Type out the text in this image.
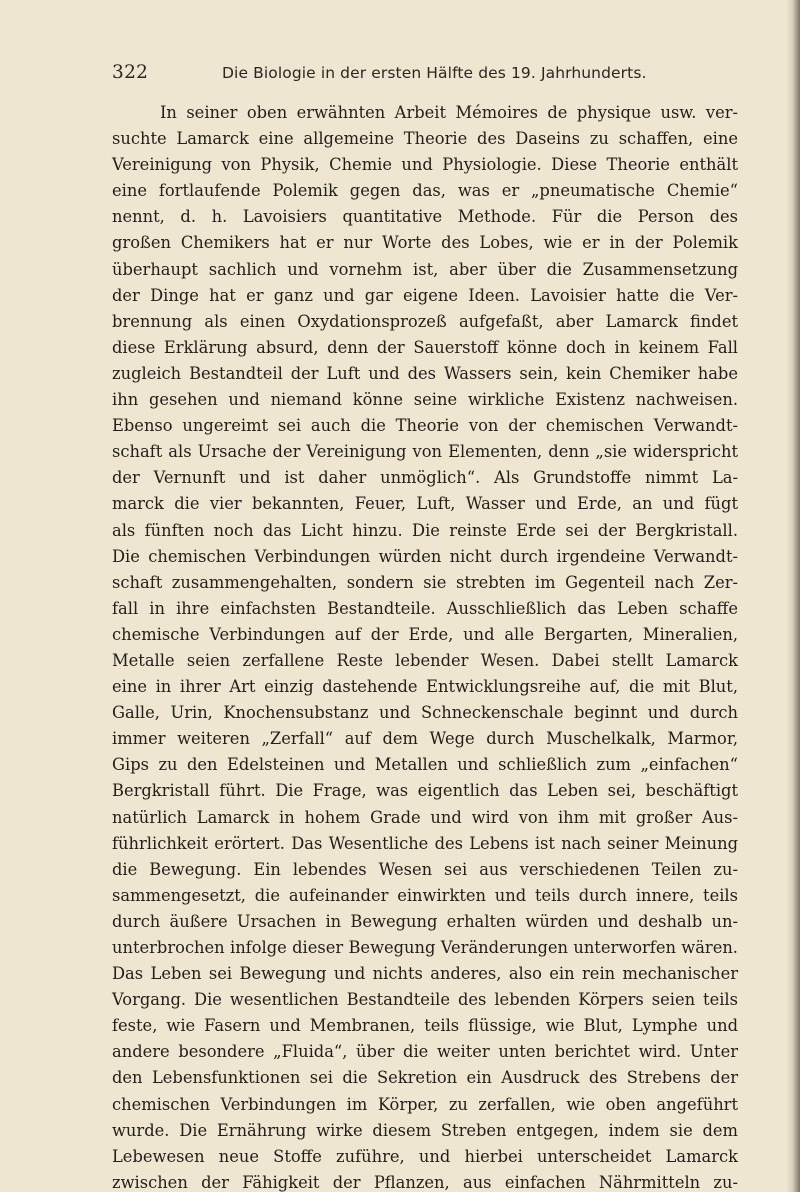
322	Die Biologie in der ersten Hälfte des 19. Jahrhunderts.
In seiner oben erwähnten Arbeit Mémoires de physique usw. ver-
suchte Lamarck eine allgemeine Theorie des Daseins zu schaffen, eine
Vereinigung von Physik, Chemie und Physiologie. Diese Theorie enthält
eine fortlaufende Polemik gegen das, was er „pneumatische Chemie“
nennt, d. h. Lavoisiers quantitative Methode. Für die Person des
großen Chemikers hat er nur Worte des Lobes, wie er in der Polemik
überhaupt sachlich und vornehm ist, aber über die Zusammensetzung
der Dinge hat er ganz und gar eigene Ideen. Lavoisier hatte die Ver-
brennung als einen Oxydationsprozeß aufgefaßt, aber Lamarck findet
diese Erklärung absurd, denn der Sauerstoff könne doch in keinem Fall
zugleich Bestandteil der Luft und des Wassers sein, kein Chemiker habe
ihn gesehen und niemand könne seine wirkliche Existenz nachweisen.
Ebenso ungereimt sei auch die Theorie von der chemischen Verwandt-
schaft als Ursache der Vereinigung von Elementen, denn „sie widerspricht
der Vernunft und ist daher unmöglich“. Als Grundstoffe nimmt La-
marck die vier bekannten, Feuer, Luft, Wasser und Erde, an und fügt
als fünften noch das Licht hinzu. Die reinste Erde sei der Bergkristall.
Die chemischen Verbindungen würden nicht durch irgendeine Verwandt-
schaft zusammengehalten, sondern sie strebten im Gegenteil nach Zer-
fall in ihre einfachsten Bestandteile. Ausschließlich das Leben schaffe
chemische Verbindungen auf der Erde, und alle Bergarten, Mineralien,
Metalle seien zerfallene Reste lebender Wesen. Dabei stellt Lamarck
eine in ihrer Art einzig dastehende Entwicklungsreihe auf, die mit Blut,
Galle, Urin, Knochensubstanz und Schneckenschale beginnt und durch
immer weiteren „Zerfall“ auf dem Wege durch Muschelkalk, Marmor,
Gips zu den Edelsteinen und Metallen und schließlich zum „einfachen“
Bergkristall führt. Die Frage, was eigentlich das Leben sei, beschäftigt
natürlich Lamarck in hohem Grade und wird von ihm mit großer Aus-
führlichkeit erörtert. Das Wesentliche des Lebens ist nach seiner Meinung
die Bewegung. Ein lebendes Wesen sei aus verschiedenen Teilen zu-
sammengesetzt, die aufeinander einwirkten und teils durch innere, teils
durch äußere Ursachen in Bewegung erhalten würden und deshalb un-
unterbrochen infolge dieser Bewegung Veränderungen unterworfen wären.
Das Leben sei Bewegung und nichts anderes, also ein rein mechanischer
Vorgang. Die wesentlichen Bestandteile des lebenden Körpers seien teils
feste, wie Fasern und Membranen, teils flüssige, wie Blut, Lymphe und
andere besondere „Fluida“, über die weiter unten berichtet wird. Unter
den Lebensfunktionen sei die Sekretion ein Ausdruck des Strebens der
chemischen Verbindungen im Körper, zu zerfallen, wie oben angeführt
wurde. Die Ernährung wirke diesem Streben entgegen, indem sie dem
Lebewesen neue Stoffe zuführe, und hierbei unterscheidet Lamarck
zwischen der Fähigkeit der Pflanzen, aus einfachen Nährmitteln zu-
